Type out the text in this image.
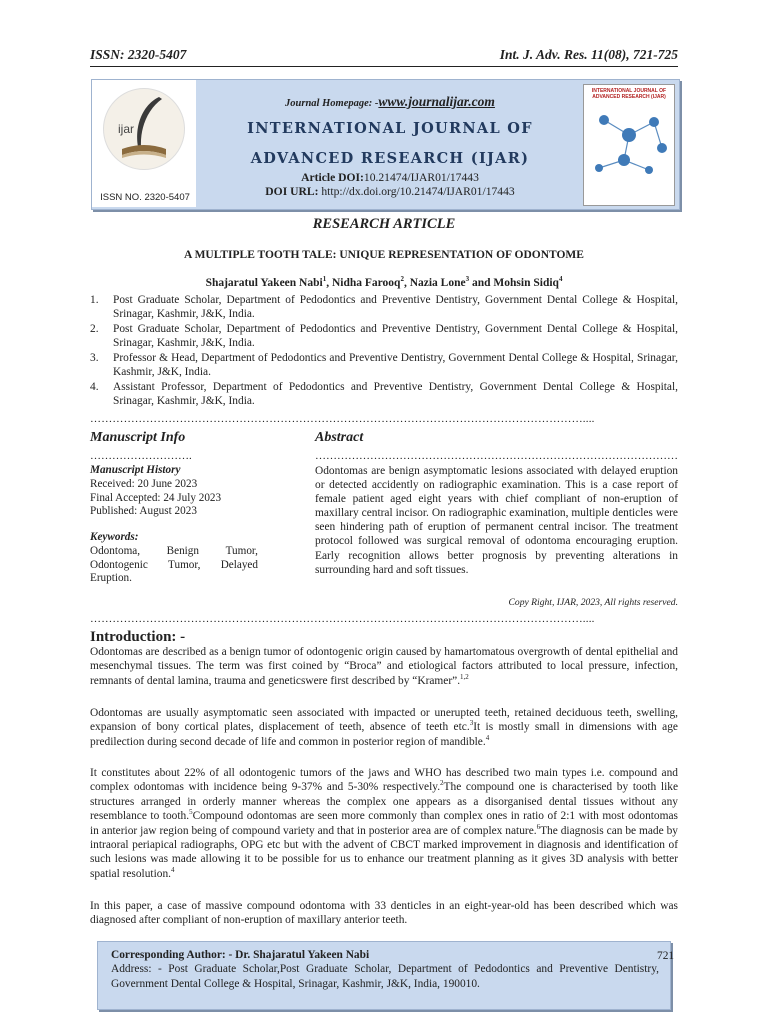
ISSN: 2320-5407	Int. J. Adv. Res. 11(08), 721-725
ijar
ISSN NO. 2320-5407
Journal Homepage: -www.journalijar.com
INTERNATIONAL JOURNAL OF
ADVANCED RESEARCH (IJAR)
Article DOI:10.21474/IJAR01/17443
DOI URL: http://dx.doi.org/10.21474/IJAR01/17443
INTERNATIONAL JOURNAL OF ADVANCED RESEARCH (IJAR)
RESEARCH ARTICLE
A MULTIPLE TOOTH TALE: UNIQUE REPRESENTATION OF ODONTOME
Shajaratul Yakeen Nabi$^1$, Nidha Farooq$^2$, Nazia Lone$^3$ and Mohsin Sidiq$^4$
1. Post Graduate Scholar, Department of Pedodontics and Preventive Dentistry, Government Dental College & Hospital, Srinagar, Kashmir, J&K, India.
2. Post Graduate Scholar, Department of Pedodontics and Preventive Dentistry, Government Dental College & Hospital, Srinagar, Kashmir, J&K, India.
3. Professor & Head, Department of Pedodontics and Preventive Dentistry, Government Dental College & Hospital, Srinagar, Kashmir, J&K, India.
4. Assistant Professor, Department of Pedodontics and Preventive Dentistry, Government Dental College & Hospital, Srinagar, Kashmir, J&K, India.
……………………………………………………………………………………………………………………....
Manuscript Info
……………………….
Manuscript History
Received: 20 June 2023
Final Accepted: 24 July 2023
Published: August 2023
Keywords:
Odontoma, Benign Tumor,
Odontogenic Tumor, Delayed
Eruption.
Abstract
………………………………………………………………………………………
Odontomas are benign asymptomatic lesions associated with delayed eruption or detected accidently on radiographic examination. This is a case report of female patient aged eight years with chief compliant of non-eruption of maxillary central incisor. On radiographic examination, multiple denticles were seen hindering path of eruption of permanent central incisor. The treatment protocol followed was surgical removal of odontoma encouraging eruption. Early recognition allows better prognosis by preventing alterations in surrounding hard and soft tissues.
Copy Right, IJAR, 2023, All rights reserved.
……………………………………………………………………………………………………………………....
Introduction: -
Odontomas are described as a benign tumor of odontogenic origin caused by hamartomatous overgrowth of dental epithelial and mesenchymal tissues. The term was first coined by “Broca” and etiological factors attributed to local pressure, infection, remnants of dental lamina, trauma and geneticswere first described by “Kramer”.$^{1,2}$
Odontomas are usually asymptomatic seen associated with impacted or unerupted teeth, retained deciduous teeth, swelling, expansion of bony cortical plates, displacement of teeth, absence of teeth etc.$^3$It is mostly small in dimensions with age predilection during second decade of life and common in posterior region of mandible.$^4$
It constitutes about 22% of all odontogenic tumors of the jaws and WHO has described two main types i.e. compound and complex odontomas with incidence being 9-37% and 5-30% respectively.$^2$The compound one is characterised by tooth like structures arranged in orderly manner whereas the complex one appears as a disorganised dental tissues without any resemblance to tooth.$^5$Compound odontomas are seen more commonly than complex ones in ratio of 2:1 with most odontomas in anterior jaw region being of compound variety and that in posterior area are of complex nature.$^6$The diagnosis can be made by intraoral periapical radiographs, OPG etc but with the advent of CBCT marked improvement in diagnosis and identification of such lesions was made allowing it to be possible for us to enhance our treatment planning as it gives 3D analysis with better spatial resolution.$^4$
In this paper, a case of massive compound odontoma with 33 denticles in an eight-year-old has been described which was diagnosed after compliant of non-eruption of maxillary anterior teeth.
Corresponding Author: - Dr. Shajaratul Yakeen Nabi
Address: - Post Graduate Scholar,Post Graduate Scholar, Department of Pedodontics and Preventive Dentistry, Government Dental College & Hospital, Srinagar, Kashmir, J&K, India, 190010.
721
